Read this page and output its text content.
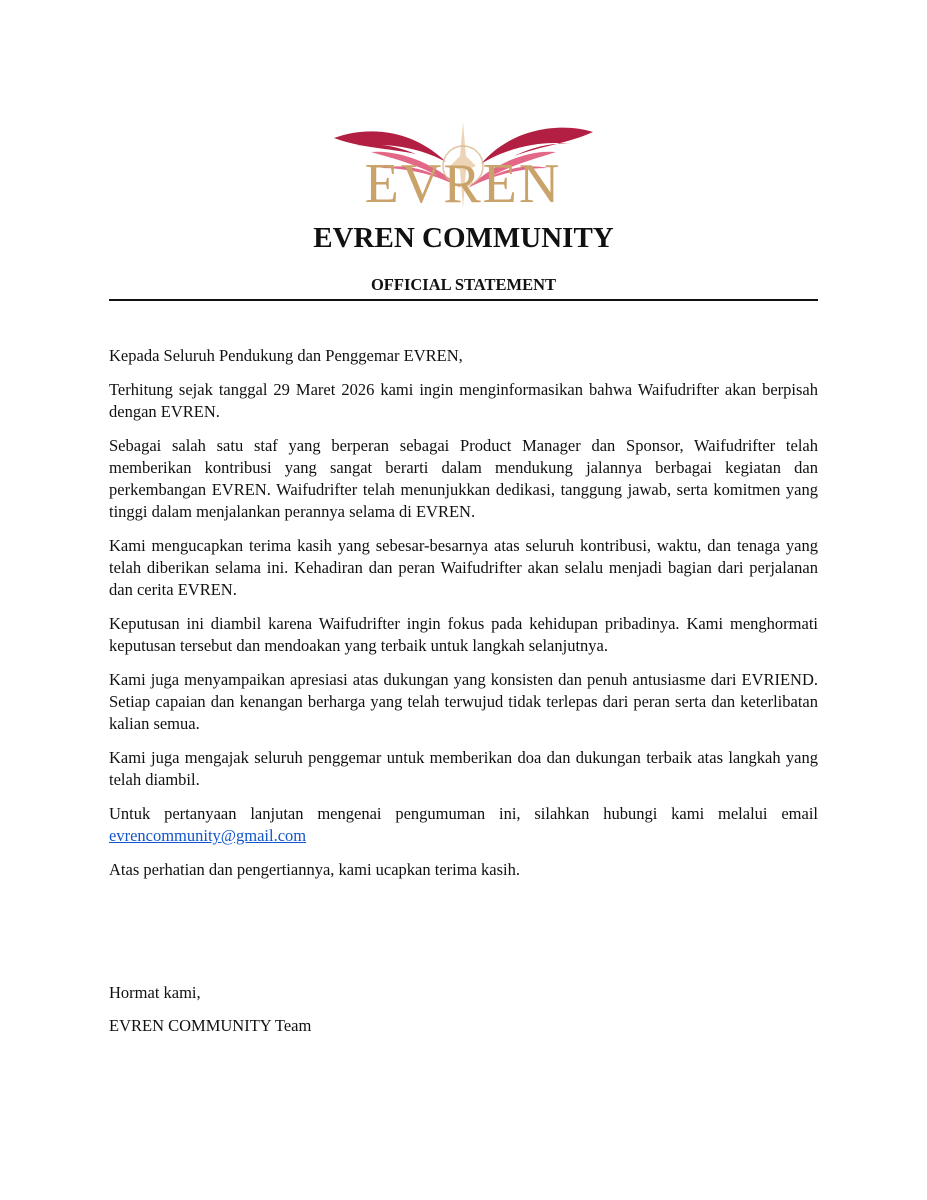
EVREN
EVREN COMMUNITY
OFFICIAL STATEMENT

Kepada Seluruh Pendukung dan Penggemar EVREN,

Terhitung sejak tanggal 29 Maret 2026 kami ingin menginformasikan bahwa Waifudrifter akan berpisah dengan EVREN.

Sebagai salah satu staf yang berperan sebagai Product Manager dan Sponsor, Waifudrifter telah memberikan kontribusi yang sangat berarti dalam mendukung jalannya berbagai kegiatan dan perkembangan EVREN. Waifudrifter telah menunjukkan dedikasi, tanggung jawab, serta komitmen yang tinggi dalam menjalankan perannya selama di EVREN.

Kami mengucapkan terima kasih yang sebesar-besarnya atas seluruh kontribusi, waktu, dan tenaga yang telah diberikan selama ini. Kehadiran dan peran Waifudrifter akan selalu menjadi bagian dari perjalanan dan cerita EVREN.

Keputusan ini diambil karena Waifudrifter ingin fokus pada kehidupan pribadinya. Kami menghormati keputusan tersebut dan mendoakan yang terbaik untuk langkah selanjutnya.

Kami juga menyampaikan apresiasi atas dukungan yang konsisten dan penuh antusiasme dari EVRIEND. Setiap capaian dan kenangan berharga yang telah terwujud tidak terlepas dari peran serta dan keterlibatan kalian semua.

Kami juga mengajak seluruh penggemar untuk memberikan doa dan dukungan terbaik atas langkah yang telah diambil.

Untuk pertanyaan lanjutan mengenai pengumuman ini, silahkan hubungi kami melalui email evrencommunity@gmail.com

Atas perhatian dan pengertiannya, kami ucapkan terima kasih.

Hormat kami,
EVREN COMMUNITY Team
